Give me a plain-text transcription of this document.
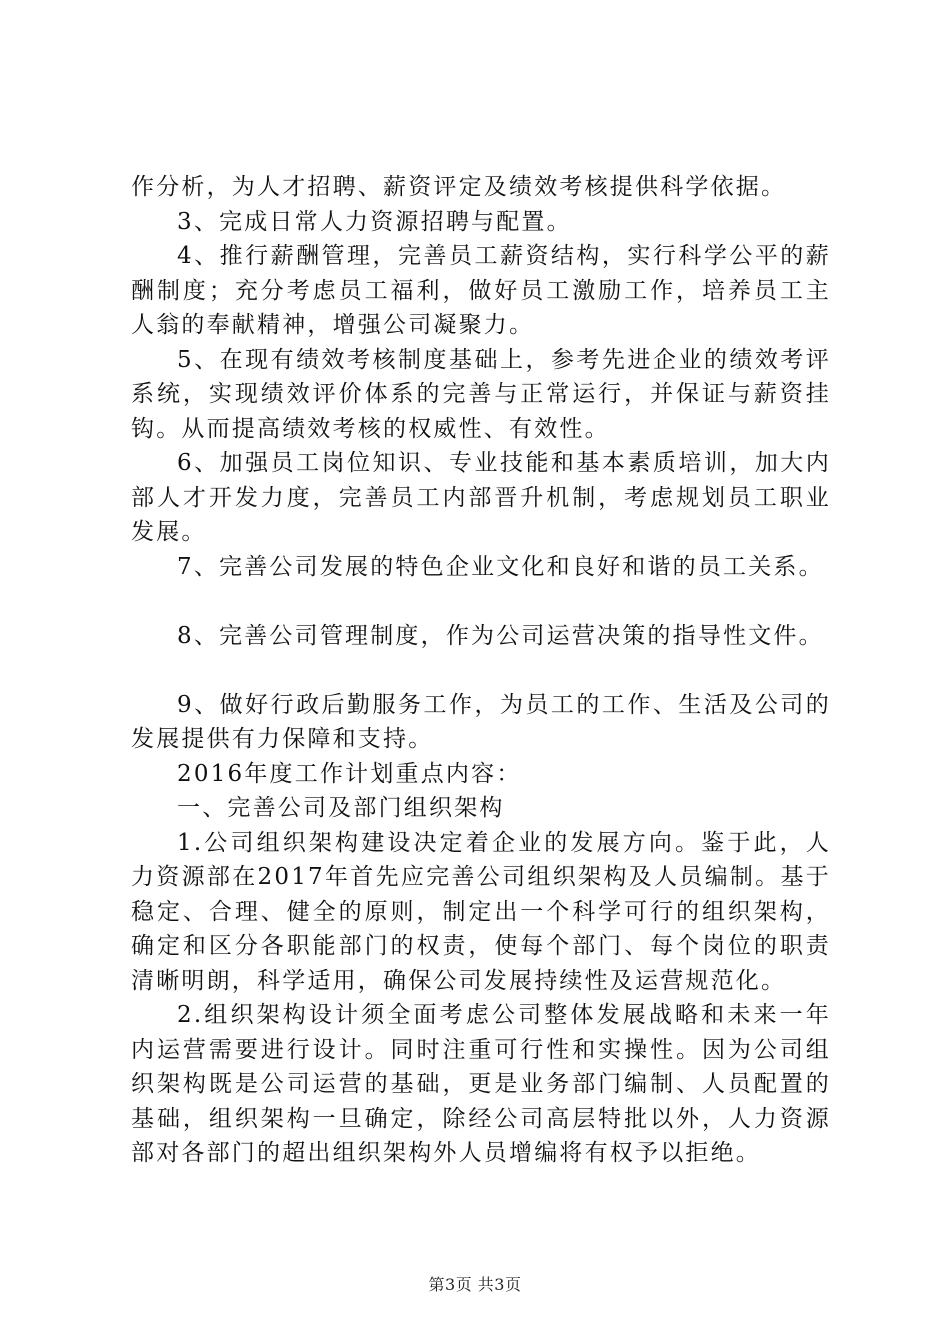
作分析，为人才招聘、薪资评定及绩效考核提供科学依据。

3、完成日常人力资源招聘与配置。

4、推行薪酬管理，完善员工薪资结构，实行科学公平的薪酬制度；充分考虑员工福利，做好员工激励工作，培养员工主人翁的奉献精神，增强公司凝聚力。

5、在现有绩效考核制度基础上，参考先进企业的绩效考评系统，实现绩效评价体系的完善与正常运行，并保证与薪资挂钩。从而提高绩效考核的权威性、有效性。

6、加强员工岗位知识、专业技能和基本素质培训，加大内部人才开发力度，完善员工内部晋升机制，考虑规划员工职业发展。

7、完善公司发展的特色企业文化和良好和谐的员工关系。

8、完善公司管理制度，作为公司运营决策的指导性文件。

9、做好行政后勤服务工作，为员工的工作、生活及公司的发展提供有力保障和支持。

2016年度工作计划重点内容：

一、完善公司及部门组织架构

1.公司组织架构建设决定着企业的发展方向。鉴于此，人力资源部在2017年首先应完善公司组织架构及人员编制。基于稳定、合理、健全的原则，制定出一个科学可行的组织架构，确定和区分各职能部门的权责，使每个部门、每个岗位的职责清晰明朗，科学适用，确保公司发展持续性及运营规范化。

2.组织架构设计须全面考虑公司整体发展战略和未来一年内运营需要进行设计。同时注重可行性和实操性。因为公司组织架构既是公司运营的基础，更是业务部门编制、人员配置的基础，组织架构一旦确定，除经公司高层特批以外，人力资源部对各部门的超出组织架构外人员增编将有权予以拒绝。

第3页 共3页
